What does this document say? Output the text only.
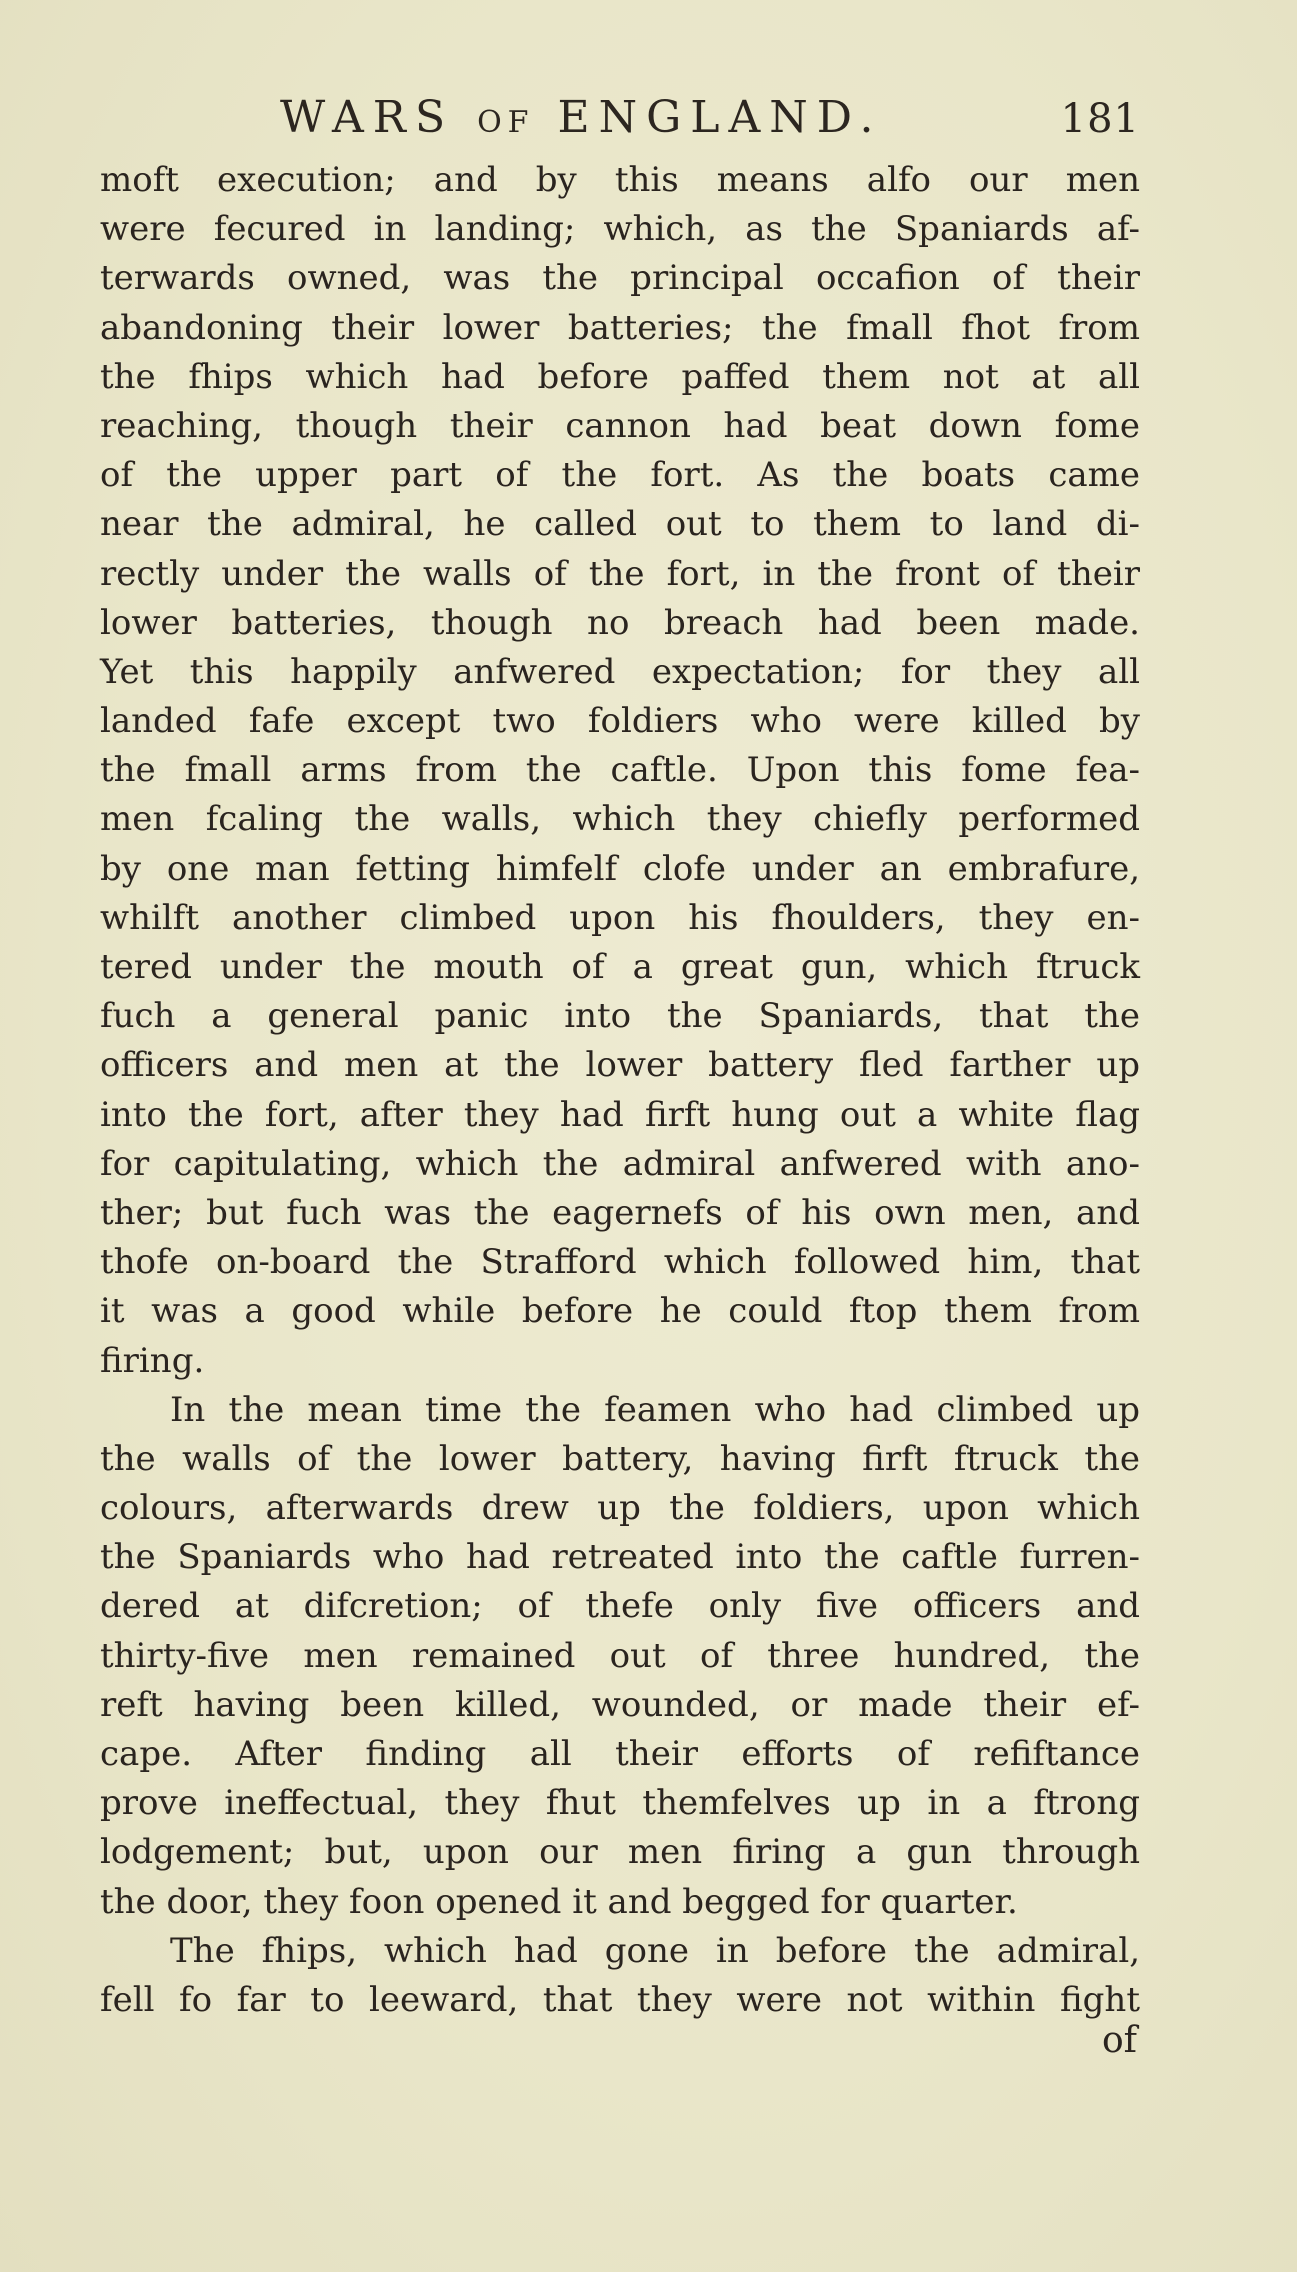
WARS OF ENGLAND.	181
moft execution; and by this means alfo our men
were fecured in landing; which, as the Spaniards af-
terwards owned, was the principal occafion of their
abandoning their lower batteries; the fmall fhot from
the fhips which had before paffed them not at all
reaching, though their cannon had beat down fome
of the upper part of the fort. As the boats came
near the admiral, he called out to them to land di-
rectly under the walls of the fort, in the front of their
lower batteries, though no breach had been made.
Yet this happily anfwered expectation; for they all
landed fafe except two foldiers who were killed by
the fmall arms from the caftle. Upon this fome fea-
men fcaling the walls, which they chiefly performed
by one man fetting himfelf clofe under an embrafure,
whilft another climbed upon his fhoulders, they en-
tered under the mouth of a great gun, which ftruck
fuch a general panic into the Spaniards, that the
officers and men at the lower battery fled farther up
into the fort, after they had firft hung out a white flag
for capitulating, which the admiral anfwered with ano-
ther; but fuch was the eagernefs of his own men, and
thofe on-board the Strafford which followed him, that
it was a good while before he could ftop them from
firing.
In the mean time the feamen who had climbed up
the walls of the lower battery, having firft ftruck the
colours, afterwards drew up the foldiers, upon which
the Spaniards who had retreated into the caftle furren-
dered at difcretion; of thefe only five officers and
thirty-five men remained out of three hundred, the
reft having been killed, wounded, or made their ef-
cape. After finding all their efforts of refiftance
prove ineffectual, they fhut themfelves up in a ftrong
lodgement; but, upon our men firing a gun through
the door, they foon opened it and begged for quarter.
The fhips, which had gone in before the admiral,
fell fo far to leeward, that they were not within fight
of
